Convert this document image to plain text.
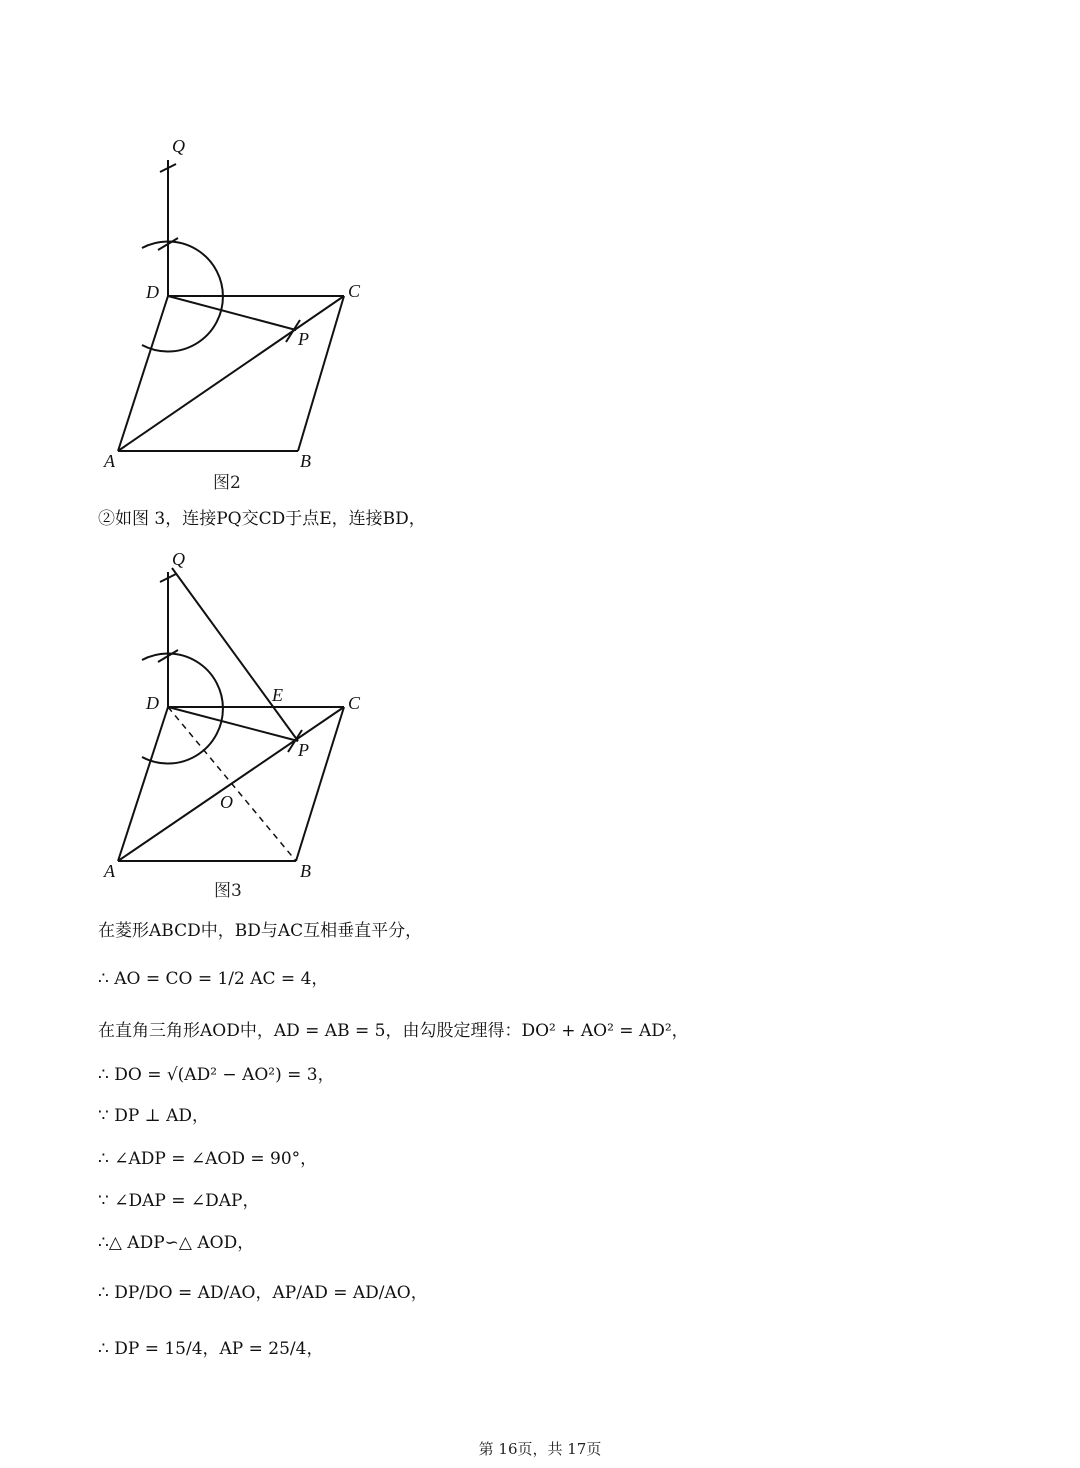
Q
D	C
P
A	B
图2
②如图 3，连接PQ交CD于点E，连接BD，
Q
D	E	C
P
O
A	B
图3
在菱形ABCD中，BD与AC互相垂直平分，
∴ AO = CO = 1/2 AC = 4，
在直角三角形AOD中，AD = AB = 5，由勾股定理得：DO² + AO² = AD²，
∴ DO = √(AD² − AO²) = 3，
∵ DP ⊥ AD，
∴ ∠ADP = ∠AOD = 90°，
∵ ∠DAP = ∠DAP，
∴△ ADP∽△ AOD，
∴ DP/DO = AD/AO，AP/AD = AD/AO，
∴ DP = 15/4，AP = 25/4，
第 16页，共 17页
